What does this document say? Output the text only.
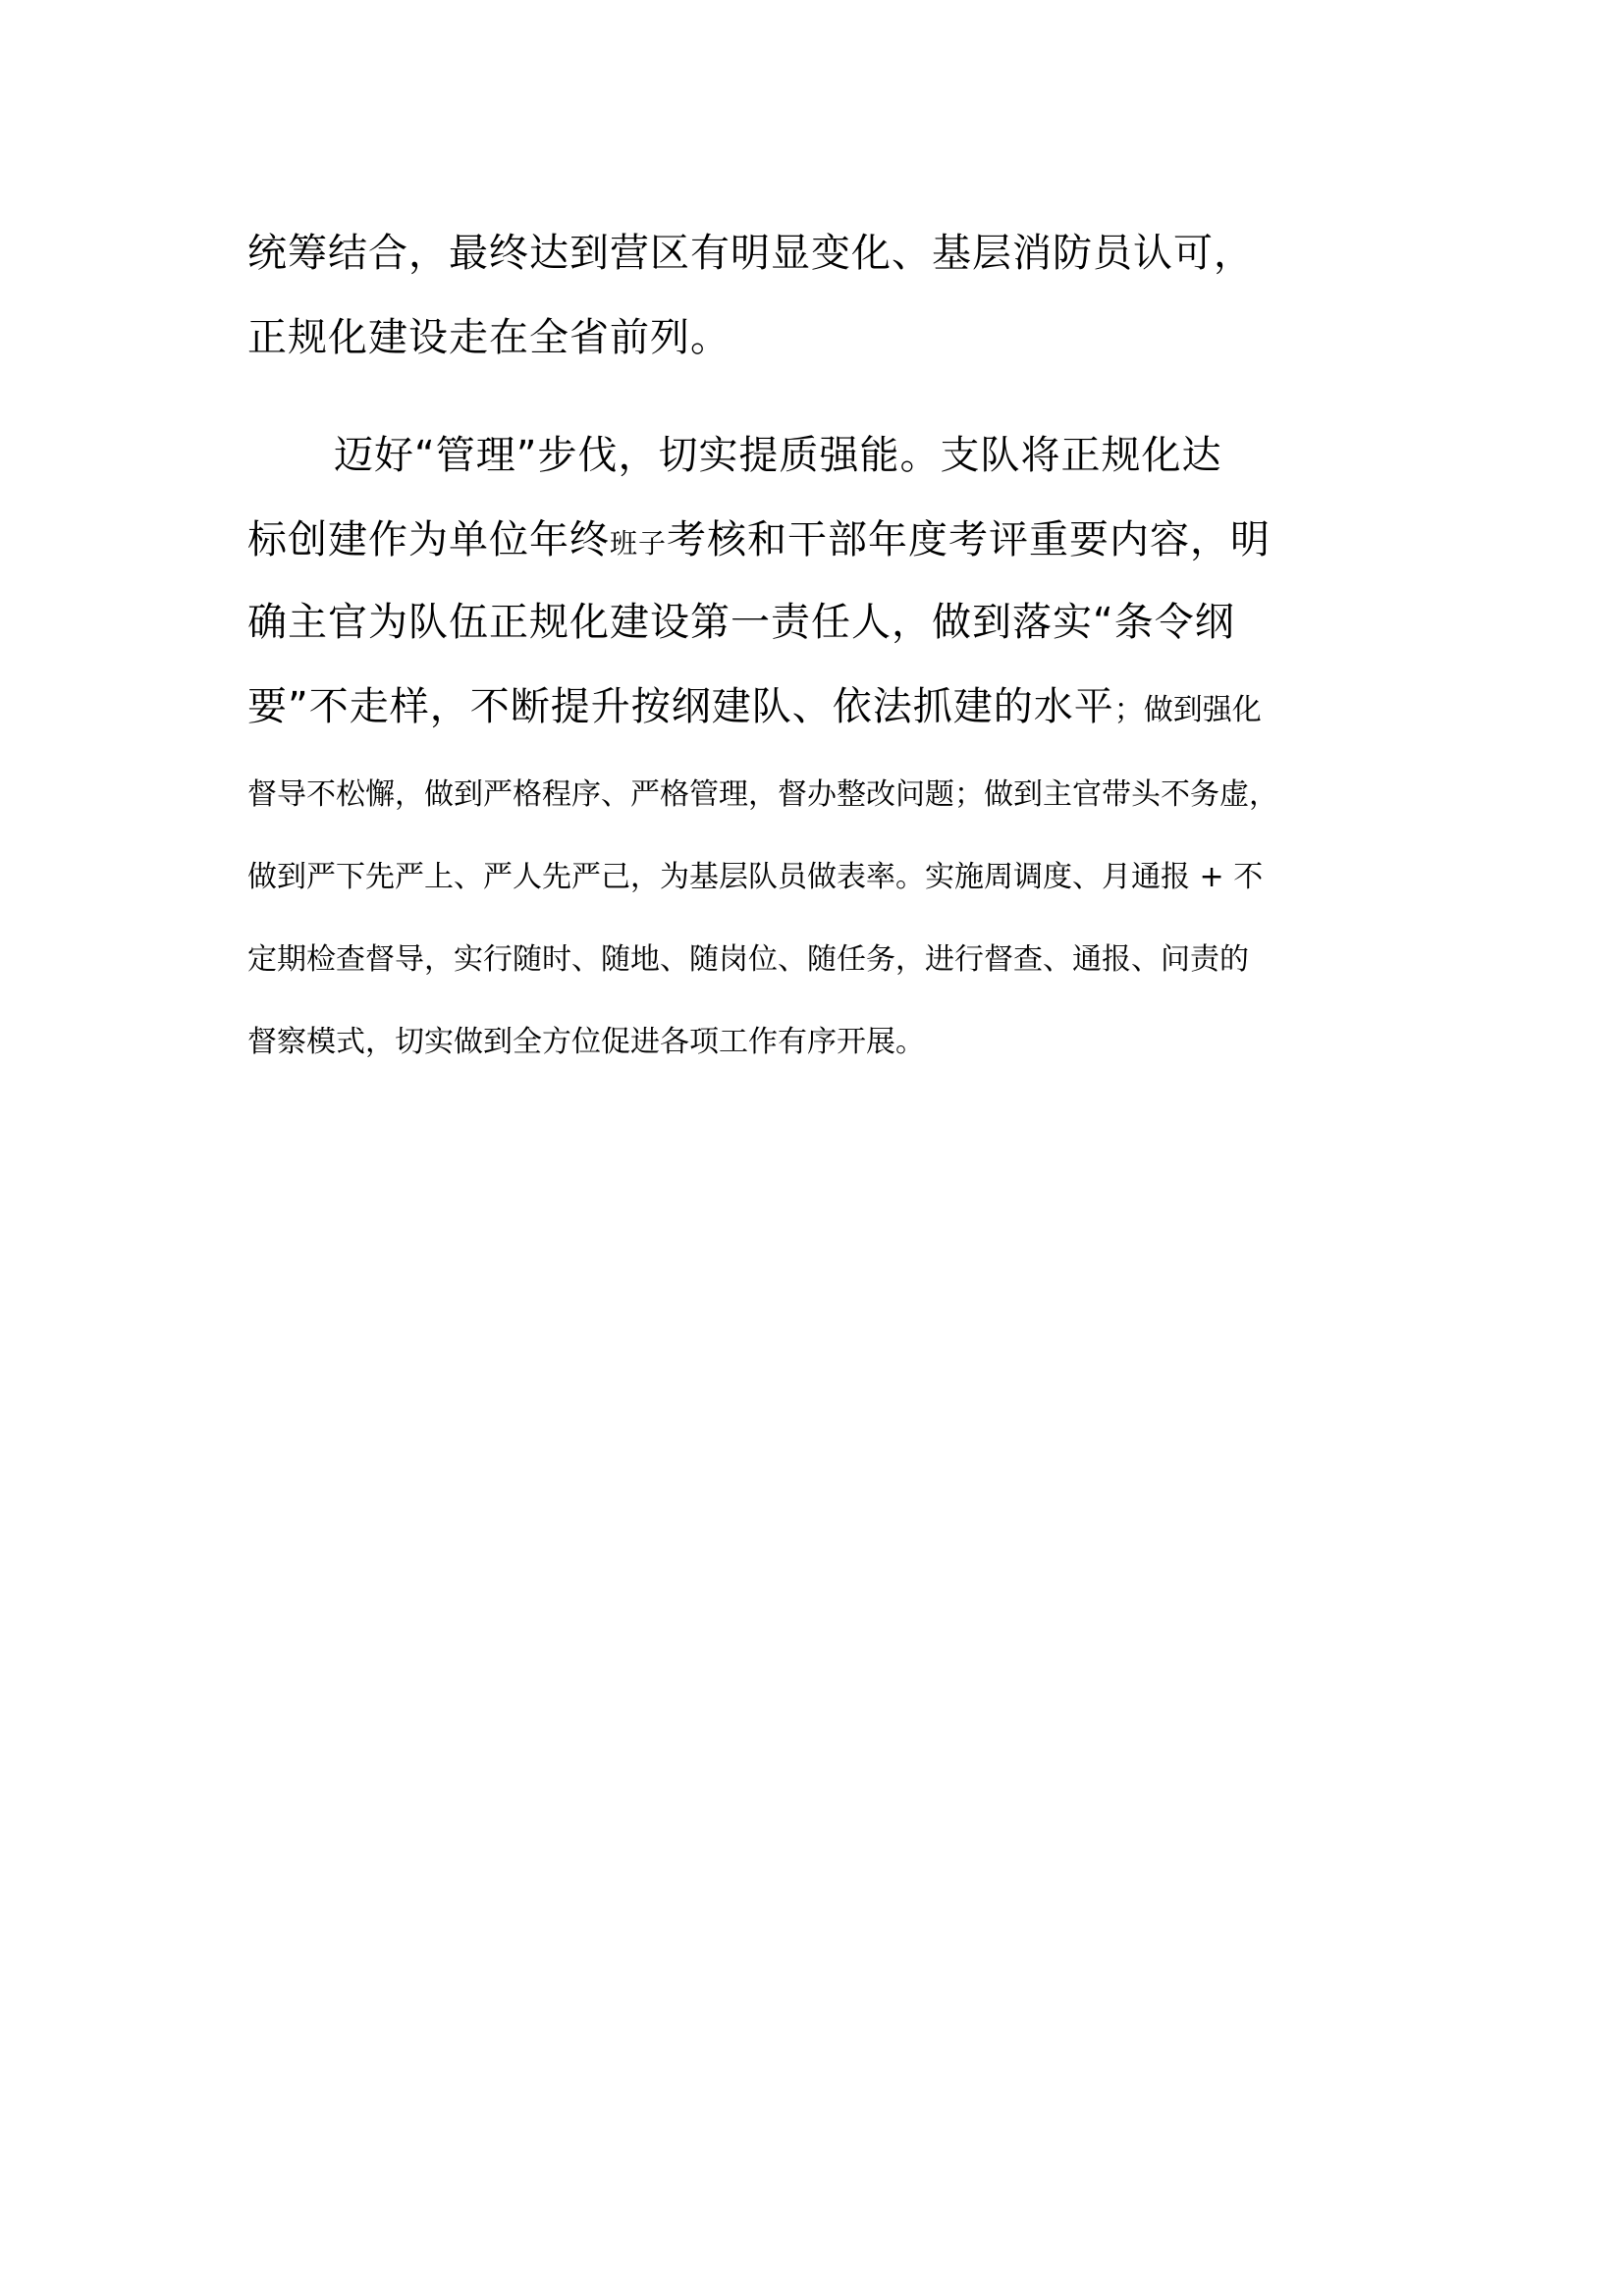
统筹结合，最终达到营区有明显变化、基层消防员认可，
正规化建设走在全省前列。
迈好“管理”步伐，切实提质强能。支队将正规化达
标创建作为单位年终班子考核和干部年度考评重要内容，明
确主官为队伍正规化建设第一责任人，做到落实“条令纲
要”不走样，不断提升按纲建队、依法抓建的水平；做到强化
督导不松懈，做到严格程序、严格管理，督办整改问题；做到主官带头不务虚，
做到严下先严上、严人先严己，为基层队员做表率。实施周调度、月通报 + 不
定期检查督导，实行随时、随地、随岗位、随任务，进行督查、通报、问责的
督察模式，切实做到全方位促进各项工作有序开展。
